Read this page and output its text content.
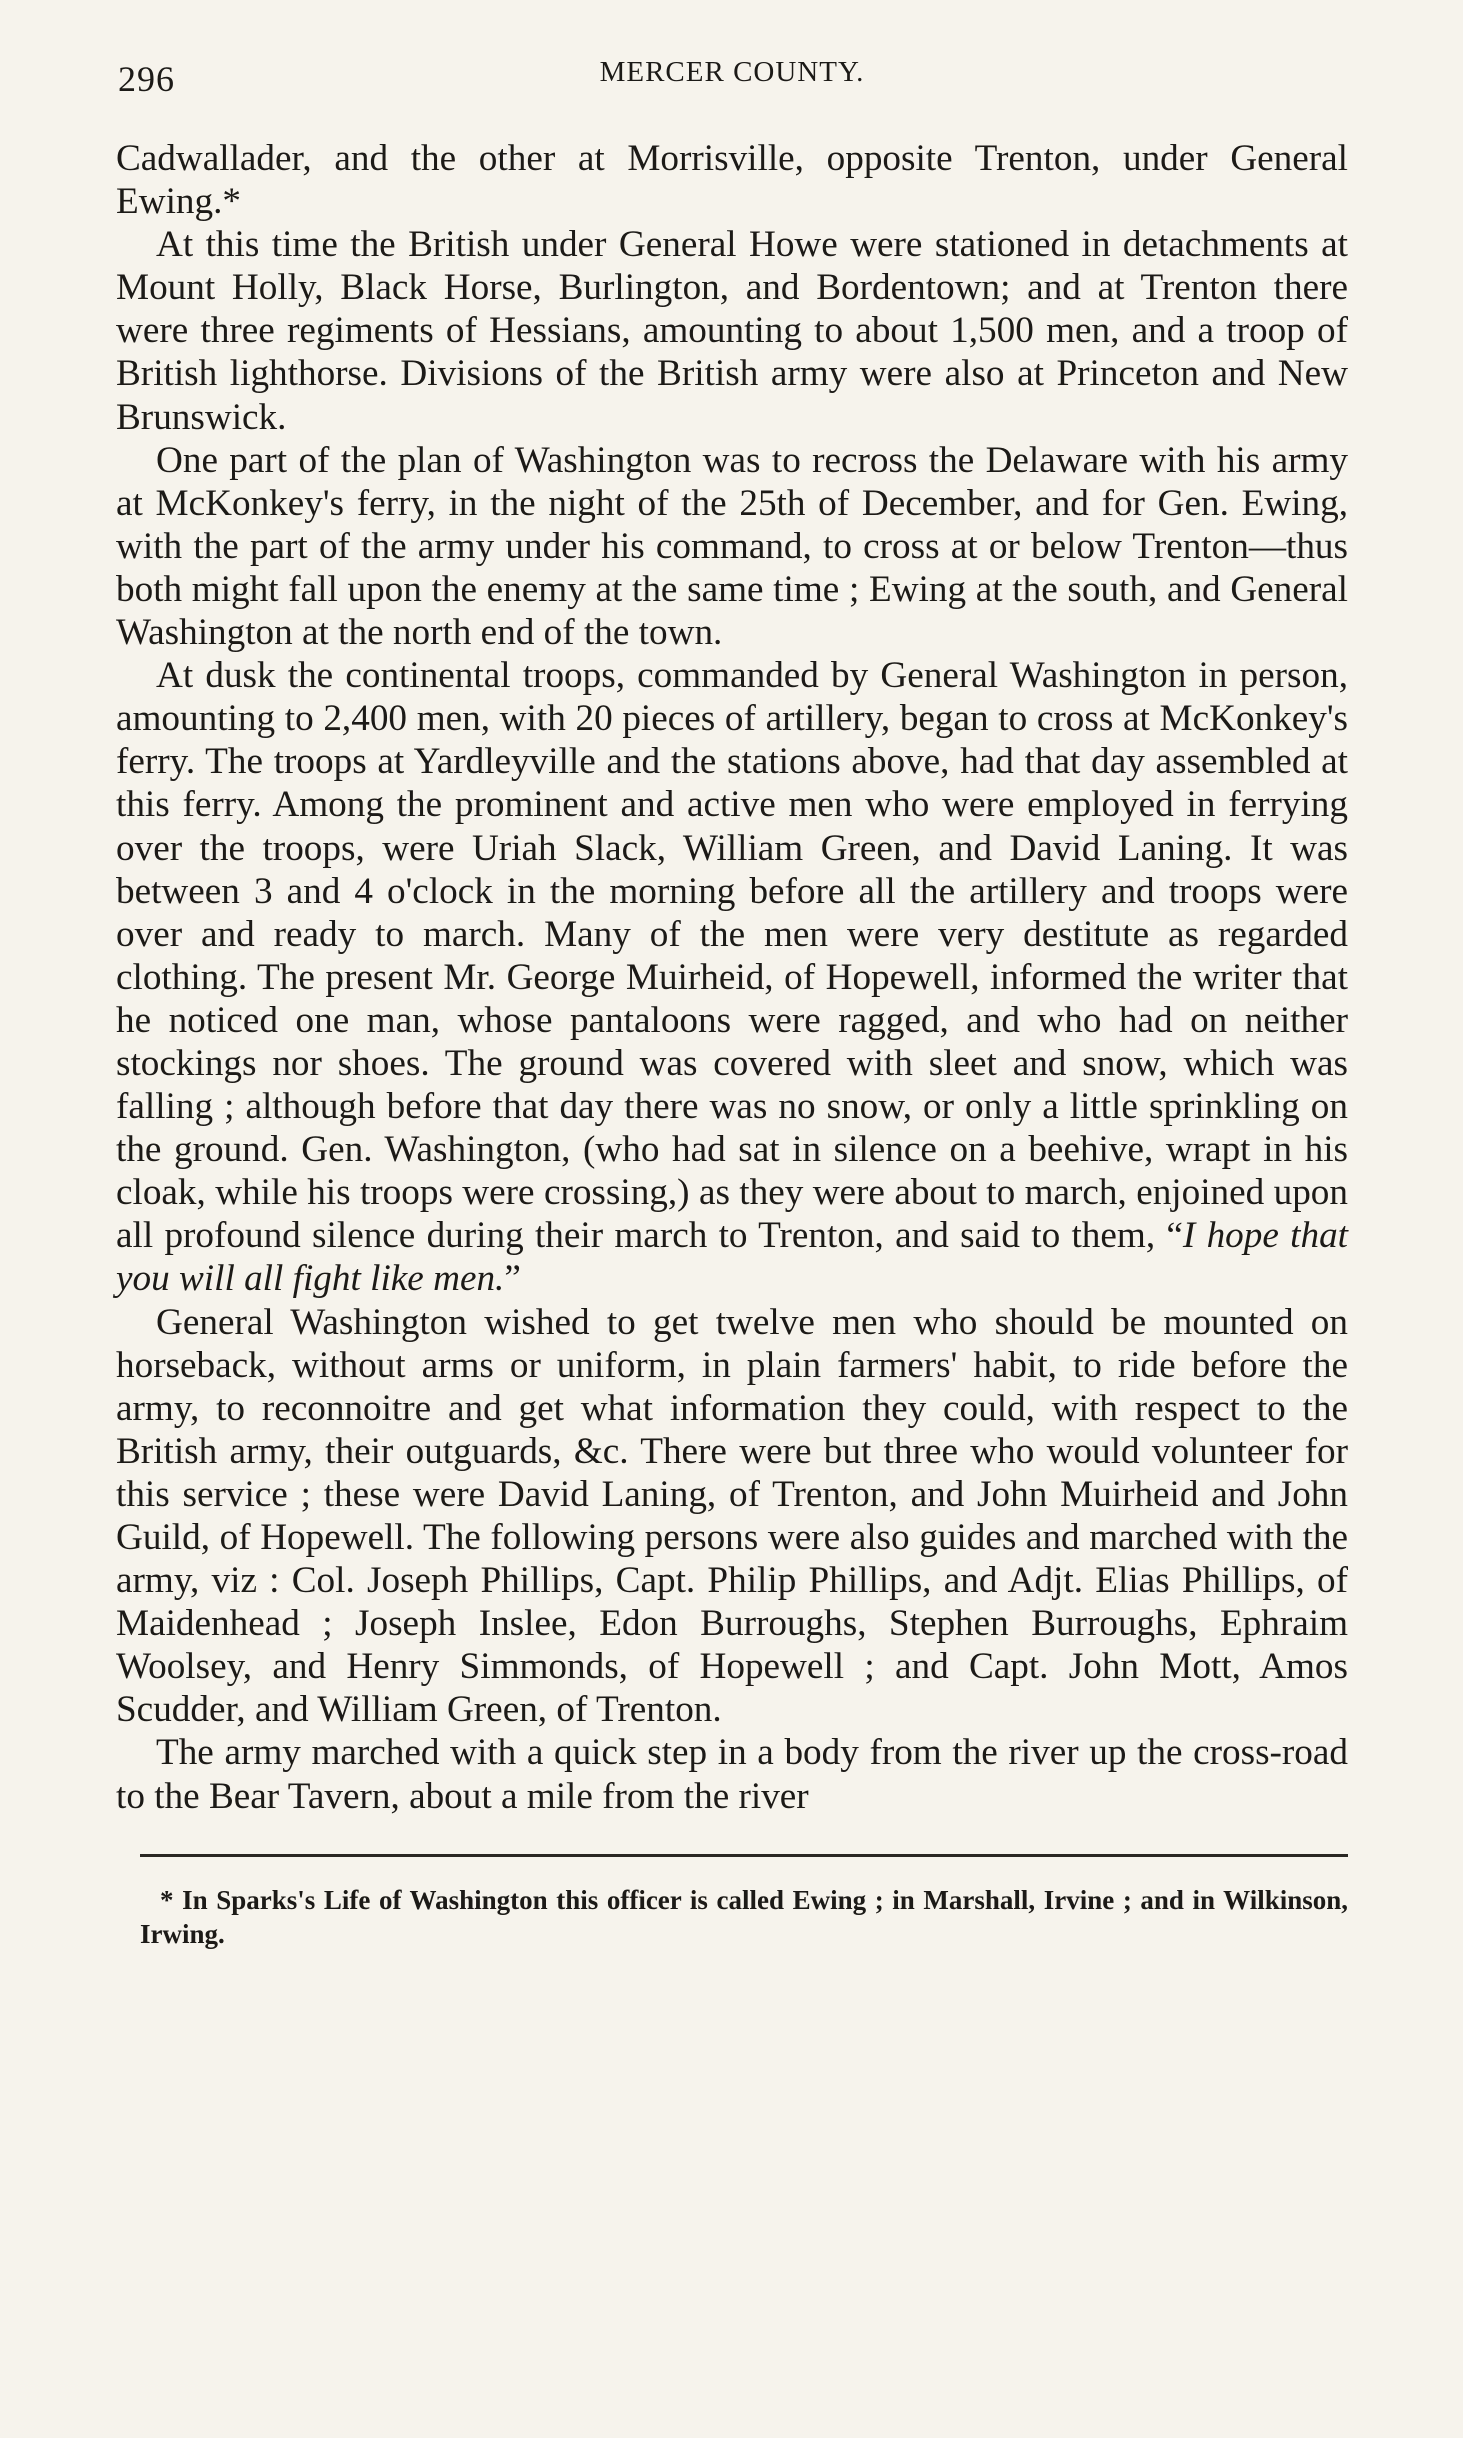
296	MERCER COUNTY.

Cadwallader, and the other at Morrisville, opposite Trenton, under General Ewing.*

At this time the British under General Howe were stationed in detachments at Mount Holly, Black Horse, Burlington, and Bordentown; and at Trenton there were three regiments of Hessians, amounting to about 1,500 men, and a troop of British lighthorse. Divisions of the British army were also at Princeton and New Brunswick.

One part of the plan of Washington was to recross the Delaware with his army at McKonkey's ferry, in the night of the 25th of December, and for Gen. Ewing, with the part of the army under his command, to cross at or below Trenton—thus both might fall upon the enemy at the same time ; Ewing at the south, and General Washington at the north end of the town.

At dusk the continental troops, commanded by General Washington in person, amounting to 2,400 men, with 20 pieces of artillery, began to cross at McKonkey's ferry. The troops at Yardleyville and the stations above, had that day assembled at this ferry. Among the prominent and active men who were employed in ferrying over the troops, were Uriah Slack, William Green, and David Laning. It was between 3 and 4 o'clock in the morning before all the artillery and troops were over and ready to march. Many of the men were very destitute as regarded clothing. The present Mr. George Muirheid, of Hopewell, informed the writer that he noticed one man, whose pantaloons were ragged, and who had on neither stockings nor shoes. The ground was covered with sleet and snow, which was falling ; although before that day there was no snow, or only a little sprinkling on the ground. Gen. Washington, (who had sat in silence on a beehive, wrapt in his cloak, while his troops were crossing,) as they were about to march, enjoined upon all profound silence during their march to Trenton, and said to them, “I hope that you will all fight like men.”

General Washington wished to get twelve men who should be mounted on horseback, without arms or uniform, in plain farmers' habit, to ride before the army, to reconnoitre and get what information they could, with respect to the British army, their outguards, &c. There were but three who would volunteer for this service ; these were David Laning, of Trenton, and John Muirheid and John Guild, of Hopewell. The following persons were also guides and marched with the army, viz : Col. Joseph Phillips, Capt. Philip Phillips, and Adjt. Elias Phillips, of Maidenhead ; Joseph Inslee, Edon Burroughs, Stephen Burroughs, Ephraim Woolsey, and Henry Simmonds, of Hopewell ; and Capt. John Mott, Amos Scudder, and William Green, of Trenton.

The army marched with a quick step in a body from the river up the cross-road to the Bear Tavern, about a mile from the river

* In Sparks's Life of Washington this officer is called Ewing ; in Marshall, Irvine ; and in Wilkinson, Irwing.
